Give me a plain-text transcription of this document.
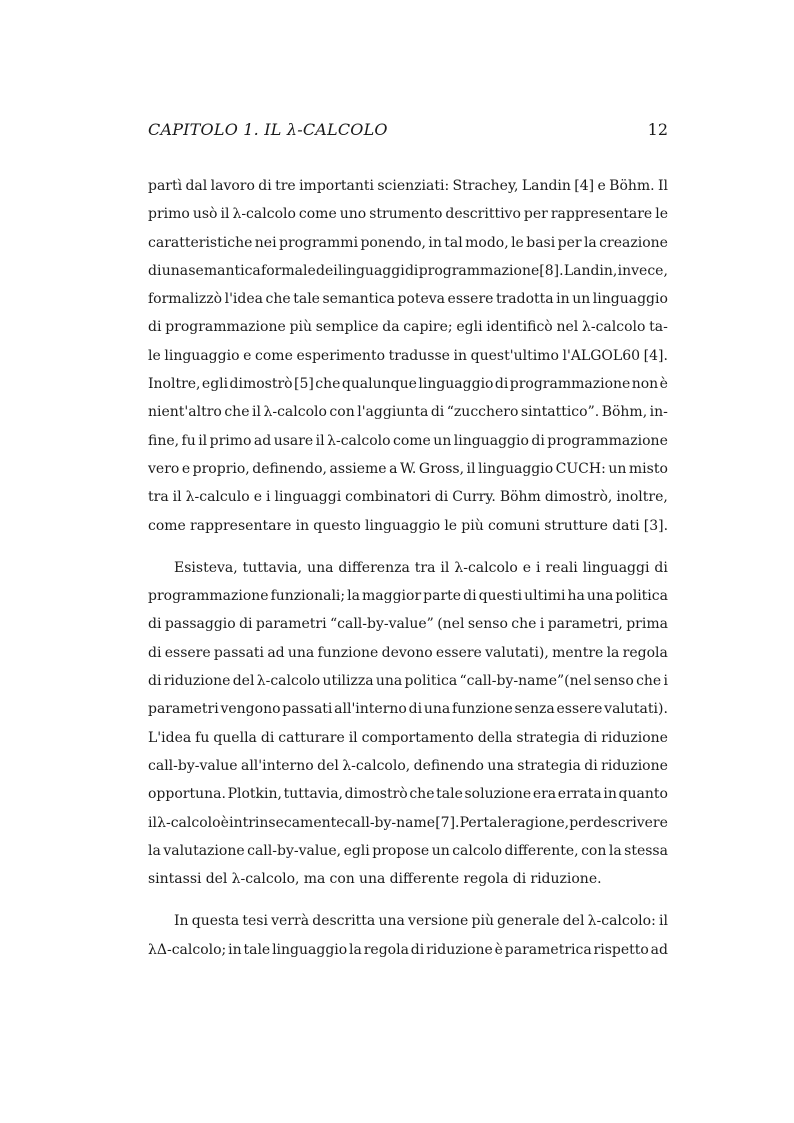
CAPITOLO 1. IL λ-CALCOLO	12

partì dal lavoro di tre importanti scienziati: Strachey, Landin [4] e Böhm. Il
primo usò il λ-calcolo come uno strumento descrittivo per rappresentare le
caratteristiche nei programmi ponendo, in tal modo, le basi per la creazione
di una semantica formale dei linguaggi di programmazione[8]. Landin, invece,
formalizzò l'idea che tale semantica poteva essere tradotta in un linguaggio
di programmazione più semplice da capire; egli identificò nel λ-calcolo ta-
le linguaggio e come esperimento tradusse in quest'ultimo l'ALGOL60 [4].
Inoltre, egli dimostrò [5] che qualunque linguaggio di programmazione non è
nient'altro che il λ-calcolo con l'aggiunta di “zucchero sintattico”. Böhm, in-
fine, fu il primo ad usare il λ-calcolo come un linguaggio di programmazione
vero e proprio, definendo, assieme a W. Gross, il linguaggio CUCH: un misto
tra il λ-calculo e i linguaggi combinatori di Curry. Böhm dimostrò, inoltre,
come rappresentare in questo linguaggio le più comuni strutture dati [3].

Esisteva, tuttavia, una differenza tra il λ-calcolo e i reali linguaggi di
programmazione funzionali; la maggior parte di questi ultimi ha una politica
di passaggio di parametri “call-by-value” (nel senso che i parametri, prima
di essere passati ad una funzione devono essere valutati), mentre la regola
di riduzione del λ-calcolo utilizza una politica “call-by-name”(nel senso che i
parametri vengono passati all'interno di una funzione senza essere valutati).
L'idea fu quella di catturare il comportamento della strategia di riduzione
call-by-value all'interno del λ-calcolo, definendo una strategia di riduzione
opportuna. Plotkin, tuttavia, dimostrò che tale soluzione era errata in quanto
il λ-calcolo è intrinsecamente call-by-name [7]. Per tale ragione, per descrivere
la valutazione call-by-value, egli propose un calcolo differente, con la stessa
sintassi del λ-calcolo, ma con una differente regola di riduzione.

In questa tesi verrà descritta una versione più generale del λ-calcolo: il
λΔ-calcolo; in tale linguaggio la regola di riduzione è parametrica rispetto ad
